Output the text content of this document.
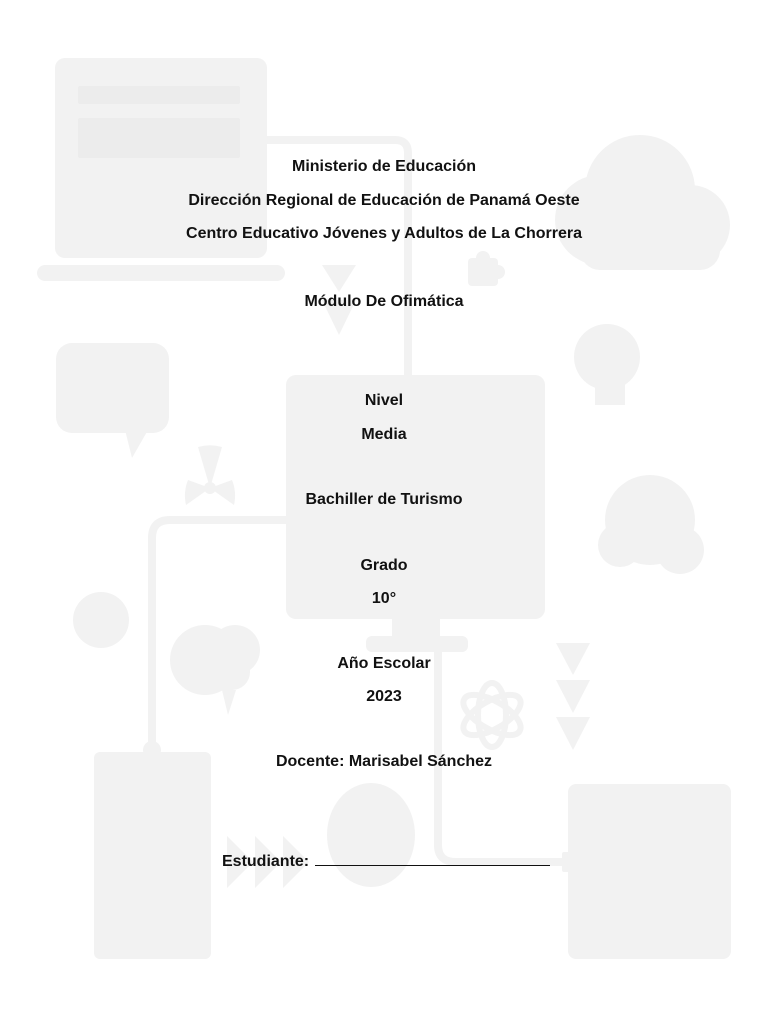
Ministerio de Educación
Dirección Regional de Educación de Panamá Oeste
Centro Educativo Jóvenes y Adultos de La Chorrera
Módulo De Ofimática
Nivel
Media
Bachiller de Turismo
Grado
10°
Año Escolar
2023
Docente: Marisabel Sánchez
Estudiante:
